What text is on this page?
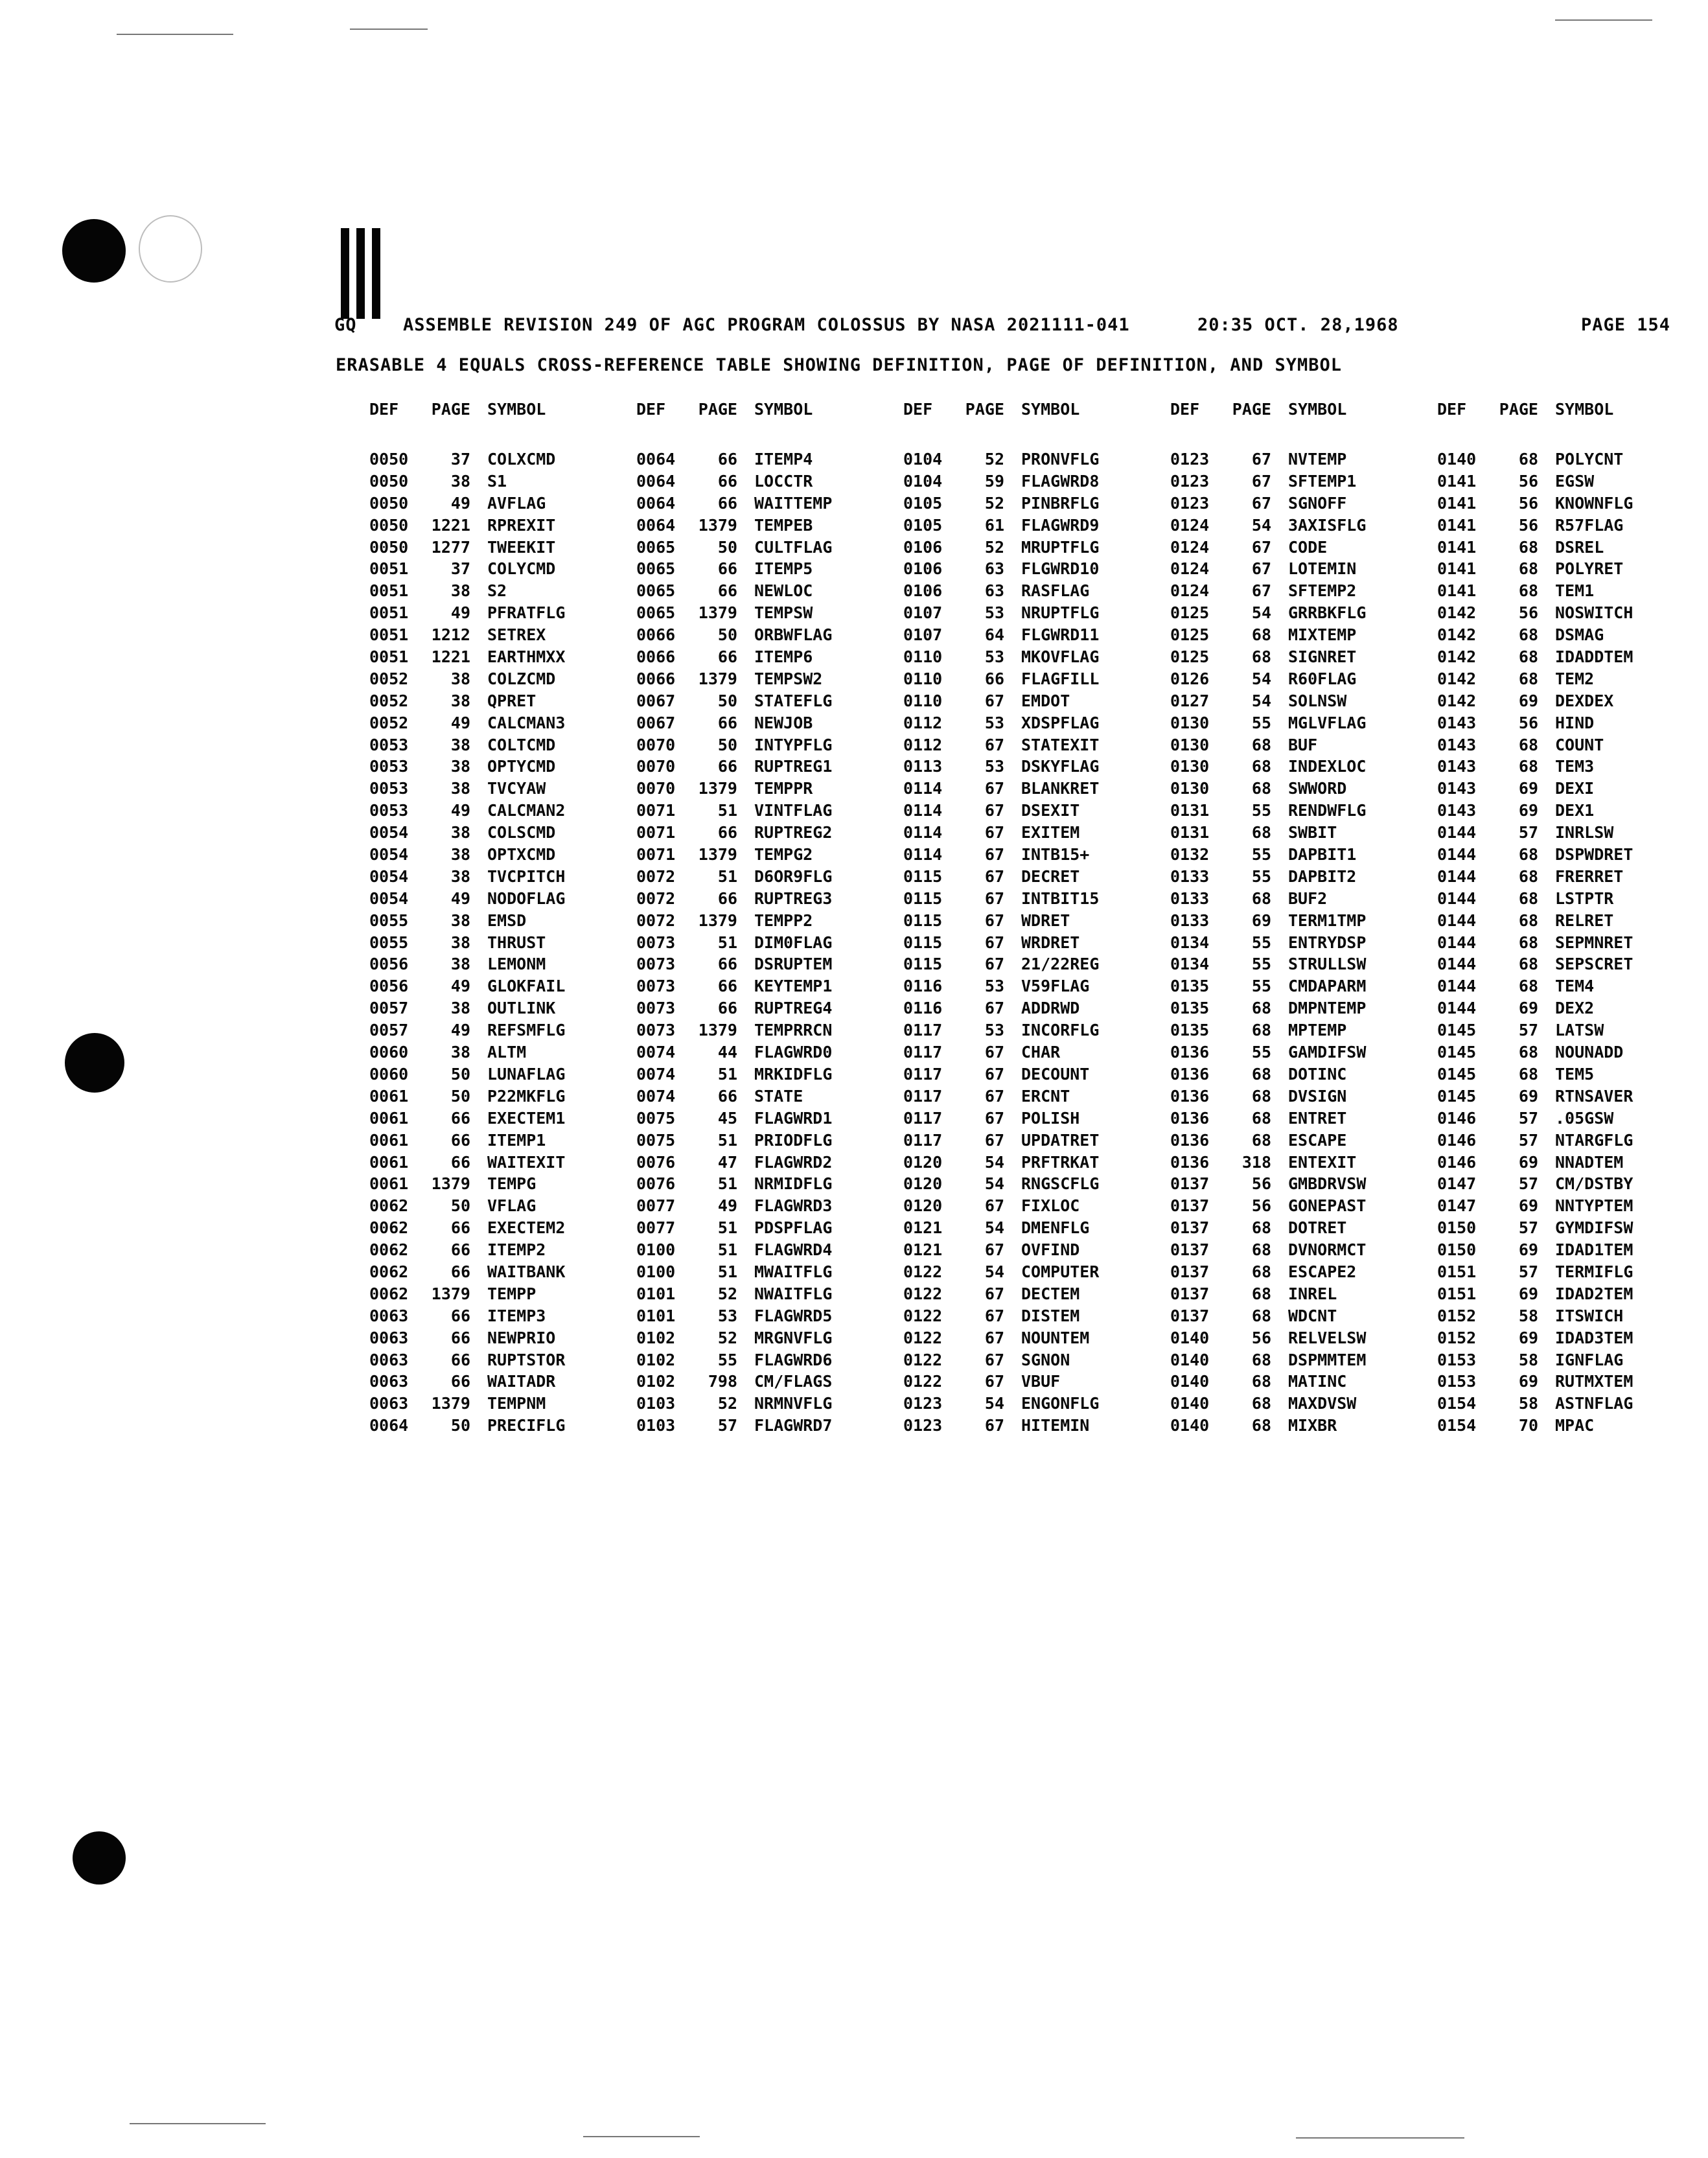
GQ	ASSEMBLE REVISION 249 OF AGC PROGRAM COLOSSUS BY NASA 2021111-041	20:35 OCT. 28,1968	PAGE 154
ERASABLE 4 EQUALS CROSS-REFERENCE TABLE SHOWING DEFINITION, PAGE OF DEFINITION, AND SYMBOL
DEF	PAGE SYMBOL
0050	37 COLXCMD
0050	38 S1
0050	49 AVFLAG
0050	1221 RPREXIT
0050	1277 TWEEKIT
0051	37 COLYCMD
0051	38 S2
0051	49 PFRATFLG
0051	1212 SETREX
0051	1221 EARTHMXX
0052	38 COLZCMD
0052	38 QPRET
0052	49 CALCMAN3
0053	38 COLTCMD
0053	38 OPTYCMD
0053	38 TVCYAW
0053	49 CALCMAN2
0054	38 COLSCMD
0054	38 OPTXCMD
0054	38 TVCPITCH
0054	49 NODOFLAG
0055	38 EMSD
0055	38 THRUST
0056	38 LEMONM
0056	49 GLOKFAIL
0057	38 OUTLINK
0057	49 REFSMFLG
0060	38 ALTM
0060	50 LUNAFLAG
0061	50 P22MKFLG
0061	66 EXECTEM1
0061	66 ITEMP1
0061	66 WAITEXIT
0061	1379 TEMPG
0062	50 VFLAG
0062	66 EXECTEM2
0062	66 ITEMP2
0062	66 WAITBANK
0062	1379 TEMPP
0063	66 ITEMP3
0063	66 NEWPRIO
0063	66 RUPTSTOR
0063	66 WAITADR
0063	1379 TEMPNM
0064	50 PRECIFLG
DEF	PAGE SYMBOL
0064	66 ITEMP4
0064	66 LOCCTR
0064	66 WAITTEMP
0064	1379 TEMPEB
0065	50 CULTFLAG
0065	66 ITEMP5
0065	66 NEWLOC
0065	1379 TEMPSW
0066	50 ORBWFLAG
0066	66 ITEMP6
0066	1379 TEMPSW2
0067	50 STATEFLG
0067	66 NEWJOB
0070	50 INTYPFLG
0070	66 RUPTREG1
0070	1379 TEMPPR
0071	51 VINTFLAG
0071	66 RUPTREG2
0071	1379 TEMPG2
0072	51 D6OR9FLG
0072	66 RUPTREG3
0072	1379 TEMPP2
0073	51 DIM0FLAG
0073	66 DSRUPTEM
0073	66 KEYTEMP1
0073	66 RUPTREG4
0073	1379 TEMPRRCN
0074	44 FLAGWRD0
0074	51 MRKIDFLG
0074	66 STATE
0075	45 FLAGWRD1
0075	51 PRIODFLG
0076	47 FLAGWRD2
0076	51 NRMIDFLG
0077	49 FLAGWRD3
0077	51 PDSPFLAG
0100	51 FLAGWRD4
0100	51 MWAITFLG
0101	52 NWAITFLG
0101	53 FLAGWRD5
0102	52 MRGNVFLG
0102	55 FLAGWRD6
0102	798 CM/FLAGS
0103	52 NRMNVFLG
0103	57 FLAGWRD7
DEF	PAGE SYMBOL
0104	52 PRONVFLG
0104	59 FLAGWRD8
0105	52 PINBRFLG
0105	61 FLAGWRD9
0106	52 MRUPTFLG
0106	63 FLGWRD10
0106	63 RASFLAG
0107	53 NRUPTFLG
0107	64 FLGWRD11
0110	53 MKOVFLAG
0110	66 FLAGFILL
0110	67 EMDOT
0112	53 XDSPFLAG
0112	67 STATEXIT
0113	53 DSKYFLAG
0114	67 BLANKRET
0114	67 DSEXIT
0114	67 EXITEM
0114	67 INTB15+
0115	67 DECRET
0115	67 INTBIT15
0115	67 WDRET
0115	67 WRDRET
0115	67 21/22REG
0116	53 V59FLAG
0116	67 ADDRWD
0117	53 INCORFLG
0117	67 CHAR
0117	67 DECOUNT
0117	67 ERCNT
0117	67 POLISH
0117	67 UPDATRET
0120	54 PRFTRKAT
0120	54 RNGSCFLG
0120	67 FIXLOC
0121	54 DMENFLG
0121	67 OVFIND
0122	54 COMPUTER
0122	67 DECTEM
0122	67 DISTEM
0122	67 NOUNTEM
0122	67 SGNON
0122	67 VBUF
0123	54 ENGONFLG
0123	67 HITEMIN
DEF	PAGE SYMBOL
0123	67 NVTEMP
0123	67 SFTEMP1
0123	67 SGNOFF
0124	54 3AXISFLG
0124	67 CODE
0124	67 LOTEMIN
0124	67 SFTEMP2
0125	54 GRRBKFLG
0125	68 MIXTEMP
0125	68 SIGNRET
0126	54 R60FLAG
0127	54 SOLNSW
0130	55 MGLVFLAG
0130	68 BUF
0130	68 INDEXLOC
0130	68 SWWORD
0131	55 RENDWFLG
0131	68 SWBIT
0132	55 DAPBIT1
0133	55 DAPBIT2
0133	68 BUF2
0133	69 TERM1TMP
0134	55 ENTRYDSP
0134	55 STRULLSW
0135	55 CMDAPARM
0135	68 DMPNTEMP
0135	68 MPTEMP
0136	55 GAMDIFSW
0136	68 DOTINC
0136	68 DVSIGN
0136	68 ENTRET
0136	68 ESCAPE
0136	318 ENTEXIT
0137	56 GMBDRVSW
0137	56 GONEPAST
0137	68 DOTRET
0137	68 DVNORMCT
0137	68 ESCAPE2
0137	68 INREL
0137	68 WDCNT
0140	56 RELVELSW
0140	68 DSPMMTEM
0140	68 MATINC
0140	68 MAXDVSW
0140	68 MIXBR
DEF	PAGE SYMBOL
0140	68 POLYCNT
0141	56 EGSW
0141	56 KNOWNFLG
0141	56 R57FLAG
0141	68 DSREL
0141	68 POLYRET
0141	68 TEM1
0142	56 NOSWITCH
0142	68 DSMAG
0142	68 IDADDTEM
0142	68 TEM2
0142	69 DEXDEX
0143	56 HIND
0143	68 COUNT
0143	68 TEM3
0143	69 DEXI
0143	69 DEX1
0144	57 INRLSW
0144	68 DSPWDRET
0144	68 FRERRET
0144	68 LSTPTR
0144	68 RELRET
0144	68 SEPMNRET
0144	68 SEPSCRET
0144	68 TEM4
0144	69 DEX2
0145	57 LATSW
0145	68 NOUNADD
0145	68 TEM5
0145	69 RTNSAVER
0146	57 .05GSW
0146	57 NTARGFLG
0146	69 NNADTEM
0147	57 CM/DSTBY
0147	69 NNTYPTEM
0150	57 GYMDIFSW
0150	69 IDAD1TEM
0151	57 TERMIFLG
0151	69 IDAD2TEM
0152	58 ITSWICH
0152	69 IDAD3TEM
0153	58 IGNFLAG
0153	69 RUTMXTEM
0154	58 ASTNFLAG
0154	70 MPAC
